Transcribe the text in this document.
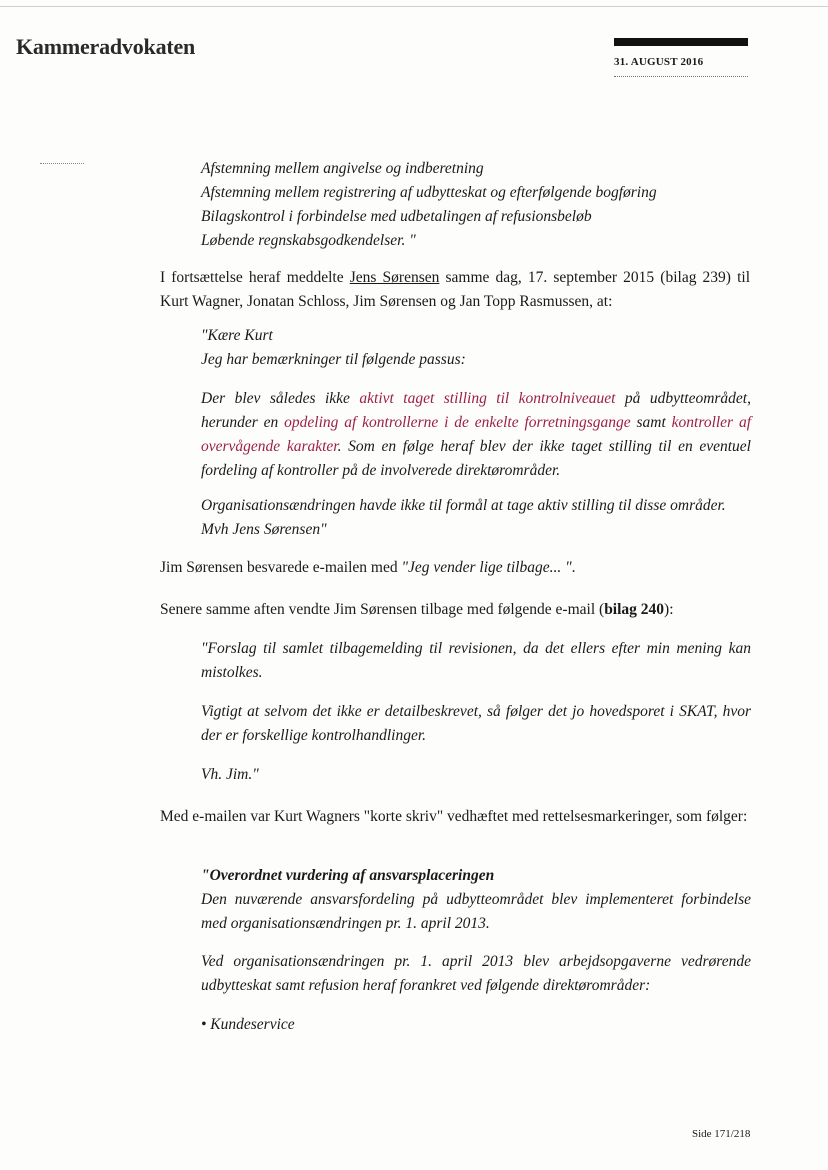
Kammeradvokaten
31. AUGUST 2016
Afstemning mellem angivelse og indberetning
Afstemning mellem registrering af udbytteskat og efterfølgende bogføring
Bilagskontrol i forbindelse med udbetalingen af refusionsbeløb
Løbende regnskabsgodkendelser. "
I fortsættelse heraf meddelte Jens Sørensen samme dag, 17. september 2015 (bilag 239) til Kurt Wagner, Jonatan Schloss, Jim Sørensen og Jan Topp Rasmussen, at:
"Kære Kurt
Jeg har bemærkninger til følgende passus:
Der blev således ikke aktivt taget stilling til kontrolniveauet på udbytteområdet, herunder en opdeling af kontrollerne i de enkelte forretningsgange samt kontroller af overvågende karakter. Som en følge heraf blev der ikke taget stilling til en eventuel fordeling af kontroller på de involverede direktørområder.
Organisationsændringen havde ikke til formål at tage aktiv stilling til disse områder.
Mvh Jens Sørensen"
Jim Sørensen besvarede e-mailen med "Jeg vender lige tilbage... ".
Senere samme aften vendte Jim Sørensen tilbage med følgende e-mail (bilag 240):
"Forslag til samlet tilbagemelding til revisionen, da det ellers efter min mening kan mistolkes.
Vigtigt at selvom det ikke er detailbeskrevet, så følger det jo hovedsporet i SKAT, hvor der er forskellige kontrolhandlinger.
Vh. Jim."
Med e-mailen var Kurt Wagners "korte skriv" vedhæftet med rettelsesmarkeringer, som følger:
"Overordnet vurdering af ansvarsplaceringen
Den nuværende ansvarsfordeling på udbytteområdet blev implementeret forbindelse med organisationsændringen pr. 1. april 2013.
Ved organisationsændringen pr. 1. april 2013 blev arbejdsopgaverne vedrørende udbytteskat samt refusion heraf forankret ved følgende direktørområder:
• Kundeservice
Side 171/218
